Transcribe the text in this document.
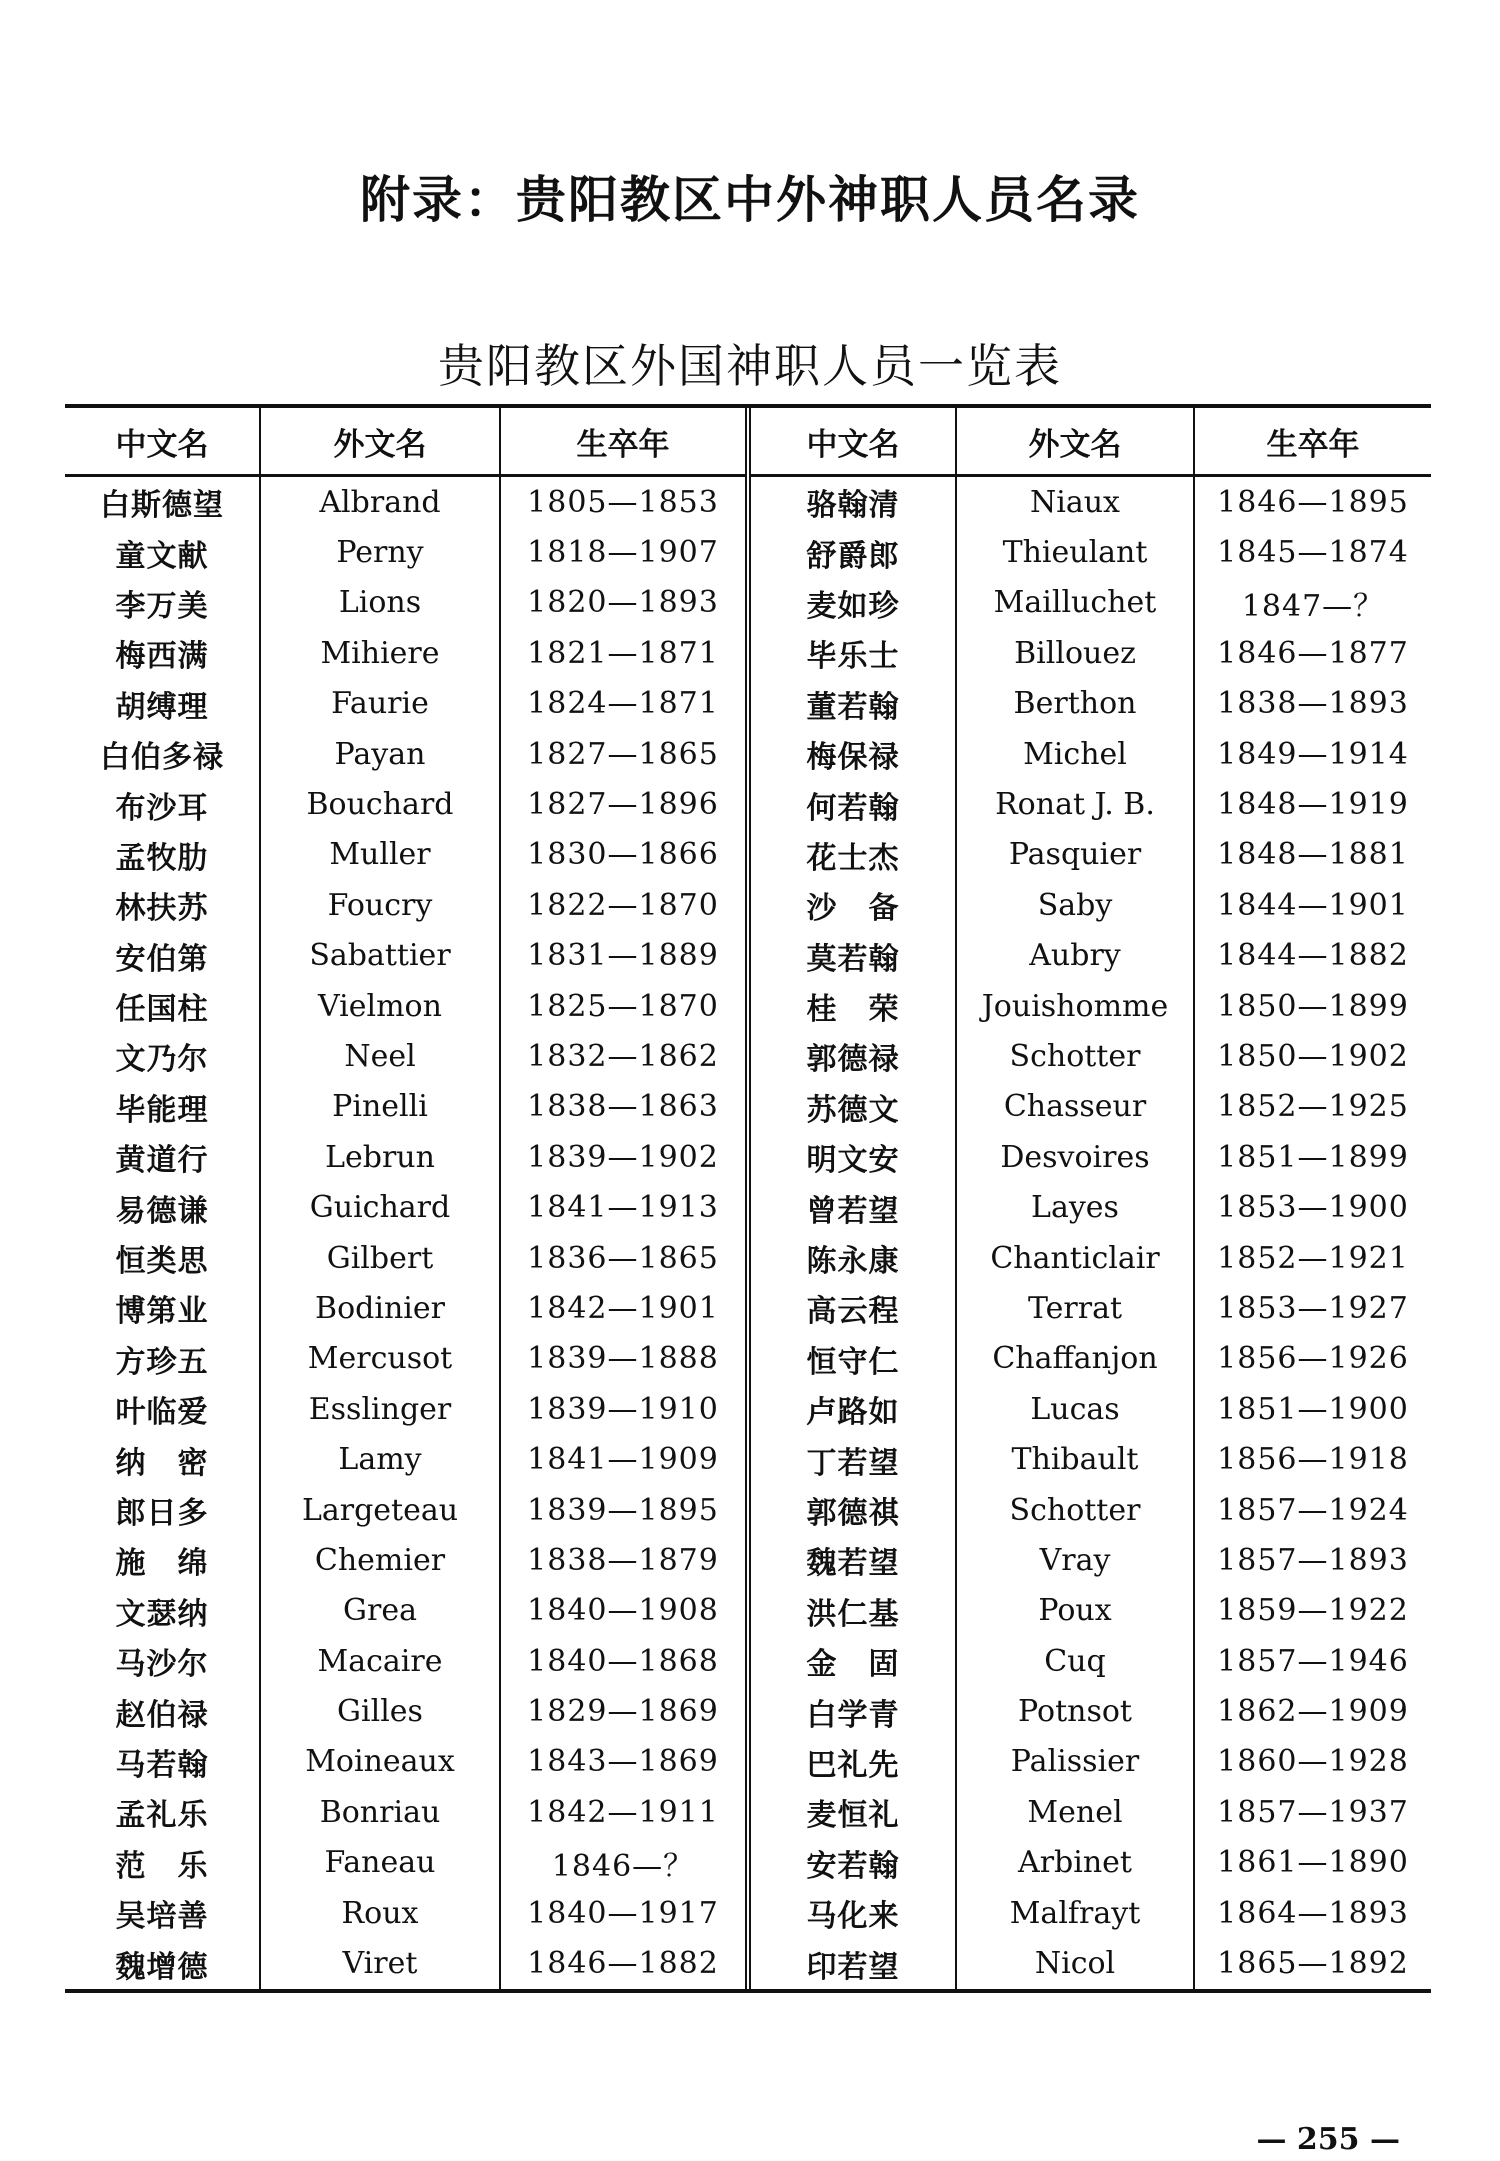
附录：贵阳教区中外神职人员名录
贵阳教区外国神职人员一览表
中文名	外文名	生卒年	中文名	外文名	生卒年
白斯德望	Albrand	1805—1853	骆翰清	Niaux	1846—1895
童文献	Perny	1818—1907	舒爵郎	Thieulant	1845—1874
李万美	Lions	1820—1893	麦如珍	Mailluchet	1847—？
梅西满	Mihiere	1821—1871	毕乐士	Billouez	1846—1877
胡缚理	Faurie	1824—1871	董若翰	Berthon	1838—1893
白伯多禄	Payan	1827—1865	梅保禄	Michel	1849—1914
布沙耳	Bouchard	1827—1896	何若翰	Ronat J. B.	1848—1919
孟牧肋	Muller	1830—1866	花士杰	Pasquier	1848—1881
林扶苏	Foucry	1822—1870	沙　备	Saby	1844—1901
安伯第	Sabattier	1831—1889	莫若翰	Aubry	1844—1882
任国柱	Vielmon	1825—1870	桂　荣	Jouishomme	1850—1899
文乃尔	Neel	1832—1862	郭德禄	Schotter	1850—1902
毕能理	Pinelli	1838—1863	苏德文	Chasseur	1852—1925
黄道行	Lebrun	1839—1902	明文安	Desvoires	1851—1899
易德谦	Guichard	1841—1913	曾若望	Layes	1853—1900
恒类思	Gilbert	1836—1865	陈永康	Chanticlair	1852—1921
博第业	Bodinier	1842—1901	高云程	Terrat	1853—1927
方珍五	Mercusot	1839—1888	恒守仁	Chaffanjon	1856—1926
叶临爱	Esslinger	1839—1910	卢路如	Lucas	1851—1900
纳　密	Lamy	1841—1909	丁若望	Thibault	1856—1918
郎日多	Largeteau	1839—1895	郭德祺	Schotter	1857—1924
施　绵	Chemier	1838—1879	魏若望	Vray	1857—1893
文瑟纳	Grea	1840—1908	洪仁基	Poux	1859—1922
马沙尔	Macaire	1840—1868	金　固	Cuq	1857—1946
赵伯禄	Gilles	1829—1869	白学青	Potnsot	1862—1909
马若翰	Moineaux	1843—1869	巴礼先	Palissier	1860—1928
孟礼乐	Bonriau	1842—1911	麦恒礼	Menel	1857—1937
范　乐	Faneau	1846—？	安若翰	Arbinet	1861—1890
吴培善	Roux	1840—1917	马化来	Malfrayt	1864—1893
魏增德	Viret	1846—1882	印若望	Nicol	1865—1892
— 255 —
